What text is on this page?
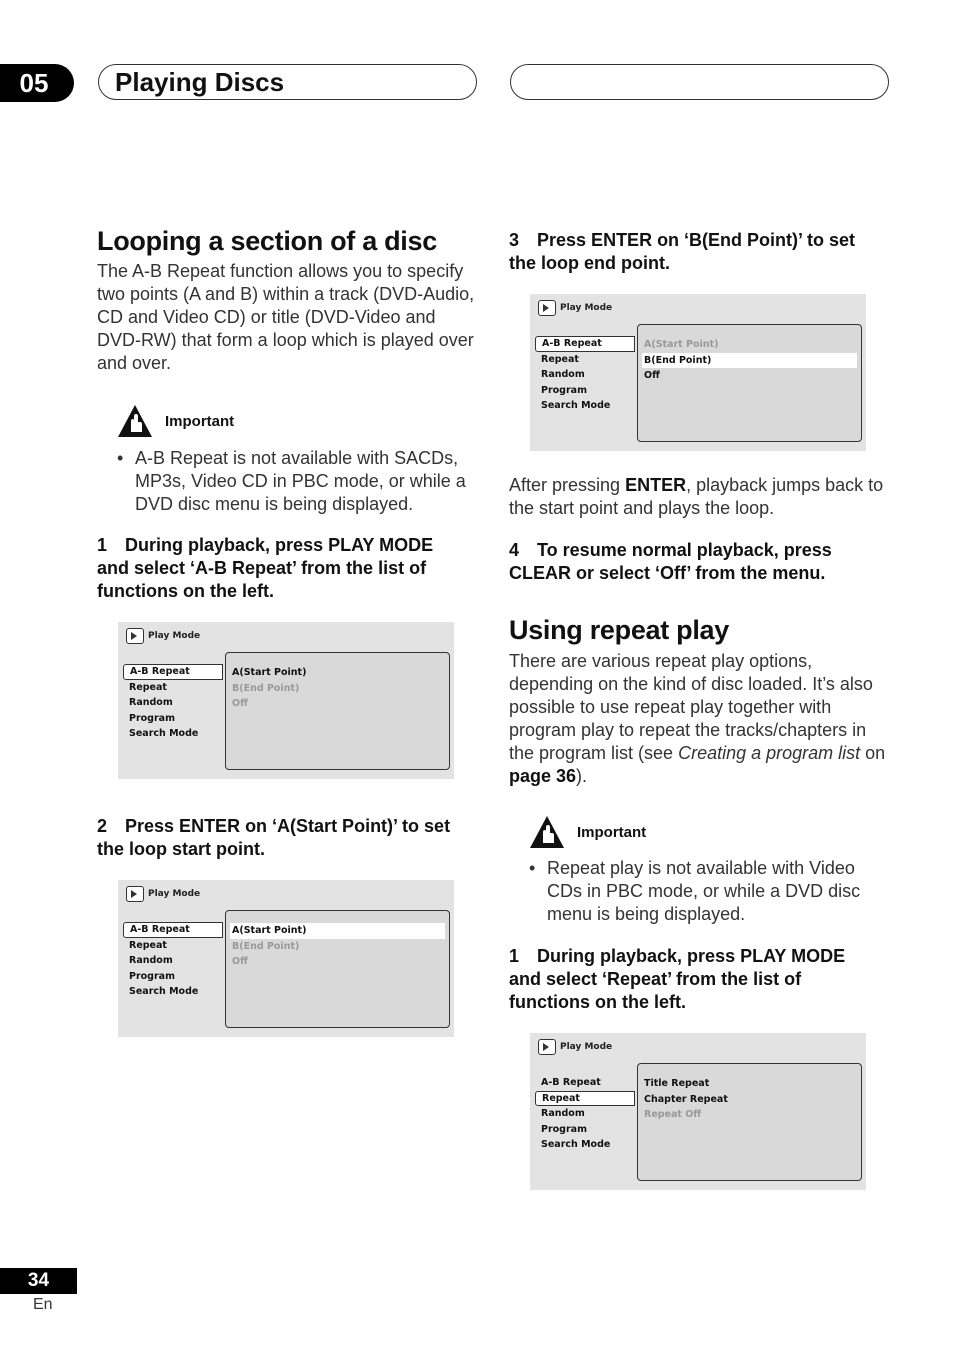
05	Playing Discs
Looping a section of a disc
The A-B Repeat function allows you to specify two points (A and B) within a track (DVD-Audio, CD and Video CD) or title (DVD-Video and DVD-RW) that form a loop which is played over and over.
Important
• A-B Repeat is not available with SACDs, MP3s, Video CD in PBC mode, or while a DVD disc menu is being displayed.
1 During playback, press PLAY MODE and select ‘A-B Repeat’ from the list of functions on the left.
Play Mode
A-B Repeat
Repeat
Random
Program
Search Mode
A(Start Point)
B(End Point)
Off
2 Press ENTER on ‘A(Start Point)’ to set the loop start point.
Play Mode
A-B Repeat
Repeat
Random
Program
Search Mode
A(Start Point)
B(End Point)
Off
3 Press ENTER on ‘B(End Point)’ to set the loop end point.
Play Mode
A-B Repeat
Repeat
Random
Program
Search Mode
A(Start Point)
B(End Point)
Off
After pressing ENTER, playback jumps back to the start point and plays the loop.
4 To resume normal playback, press CLEAR or select ‘Off’ from the menu.
Using repeat play
There are various repeat play options, depending on the kind of disc loaded. It’s also possible to use repeat play together with program play to repeat the tracks/chapters in the program list (see Creating a program list on page 36).
Important
• Repeat play is not available with Video CDs in PBC mode, or while a DVD disc menu is being displayed.
1 During playback, press PLAY MODE and select ‘Repeat’ from the list of functions on the left.
Play Mode
A-B Repeat
Repeat
Random
Program
Search Mode
Title Repeat
Chapter Repeat
Repeat Off
34
En
